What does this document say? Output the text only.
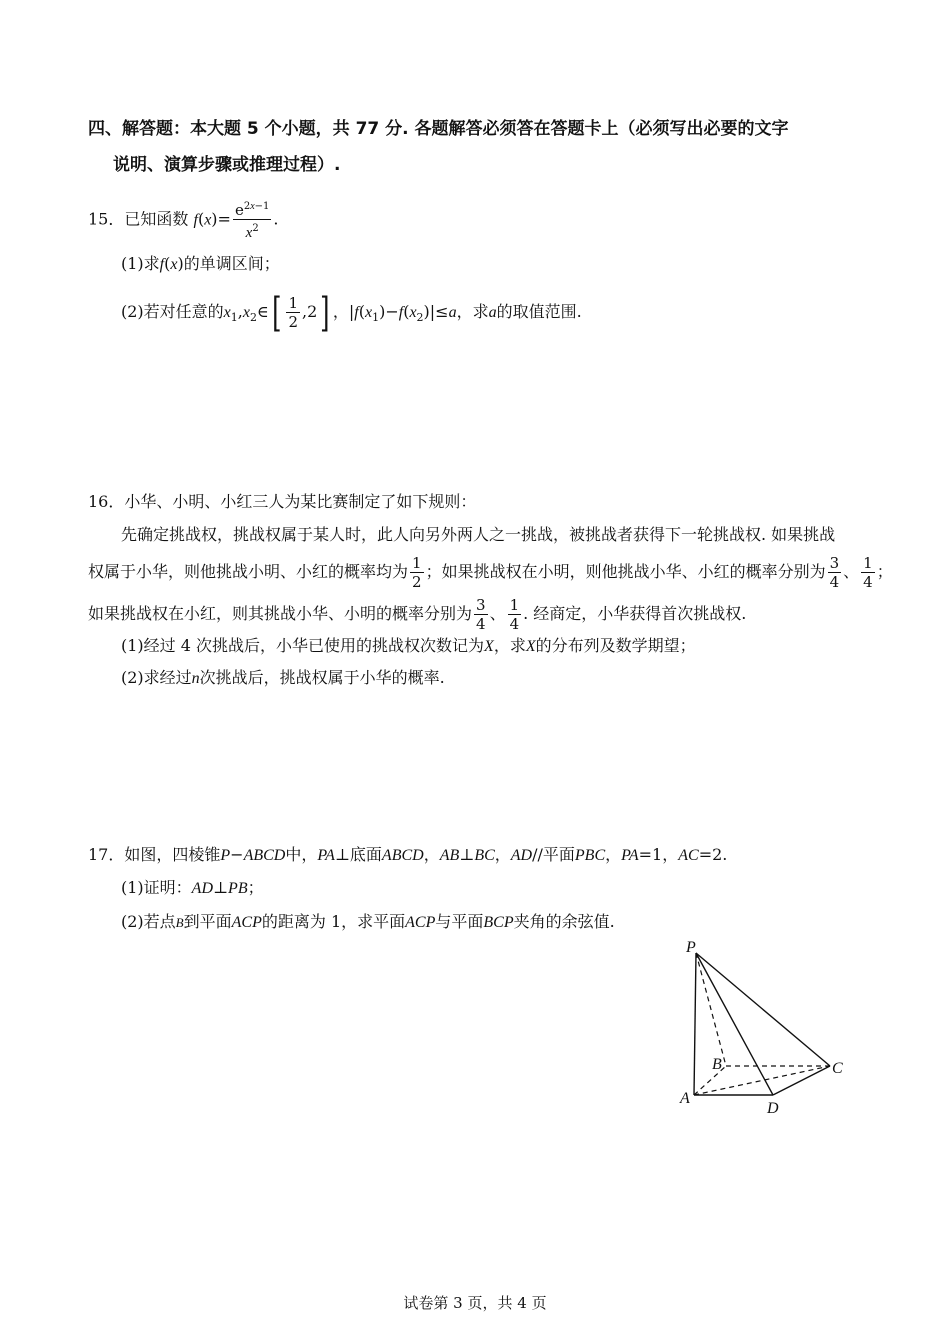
四、解答题：本大题 5 个小题，共 77 分. 各题解答必须答在答题卡上（必须写出必要的文字
说明、演算步骤或推理过程）.
15．已知函数 $f(x)= \frac{e^{2x-1}}{x^2}$ .
(1)求f(x)的单调区间；
(2)若对任意的$x_1,x_2\in[ \frac{1}{2} ,2]$ ，$|f(x_1)-f(x_2)|\le a$，求a的取值范围.
16．小华、小明、小红三人为某比赛制定了如下规则：
先确定挑战权，挑战权属于某人时，此人向另外两人之一挑战，被挑战者获得下一轮挑战权. 如果挑战
权属于小华，则他挑战小明、小红的概率均为 $\frac{1}{2}$ ；如果挑战权在小明，则他挑战小华、小红的概率分别为 $\frac{3}{4}$ 、 $\frac{1}{4}$ ；
如果挑战权在小红，则其挑战小华、小明的概率分别为 $\frac{3}{4}$ 、 $\frac{1}{4}$ . 经商定，小华获得首次挑战权.
(1)经过 4 次挑战后，小华已使用的挑战权次数记为X，求X的分布列及数学期望；
(2)求经过n次挑战后，挑战权属于小华的概率.
17．如图，四棱锥P−ABCD中，PA⊥底面ABCD，AB⊥BC，AD//平面PBC，PA=1，AC=2.
(1)证明：AD⊥PB；
(2)若点B到平面ACP的距离为 1，求平面ACP与平面BCP夹角的余弦值.
P
B	C
A
D
试卷第 3 页，共 4 页
